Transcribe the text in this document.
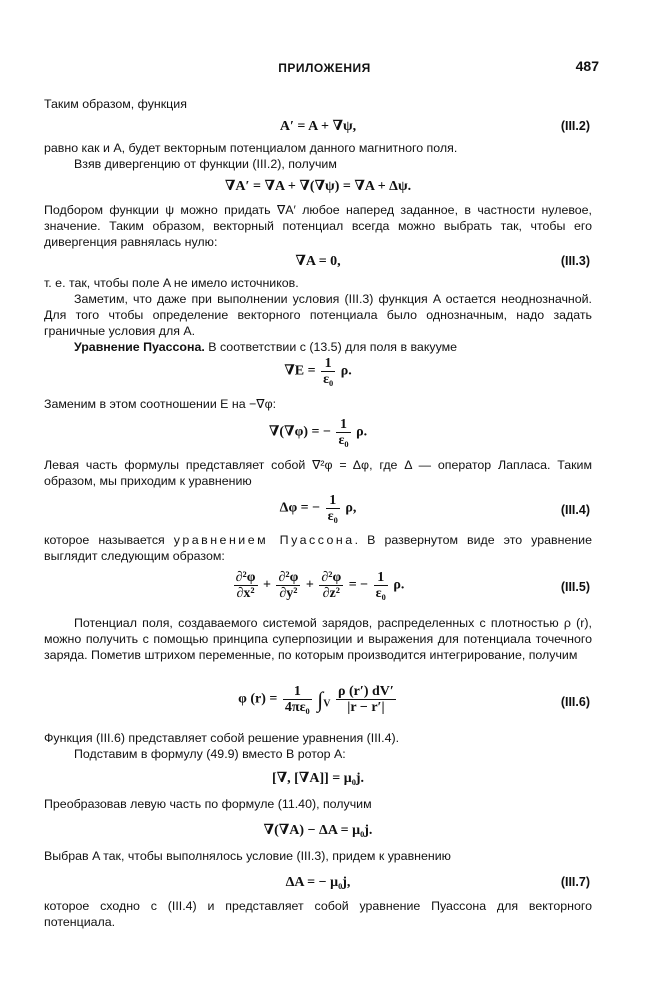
ПРИЛОЖЕНИЯ	487

Таким образом, функция

A′ = A + ∇ψ,	(III.2)

равно как и A, будет векторным потенциалом данного магнитного поля.

Взяв дивергенцию от функции (III.2), получим

∇A′ = ∇A + ∇(∇ψ) = ∇A + Δψ.

Подбором функции ψ можно придать ∇A′ любое наперед заданное, в частности нулевое, значение. Таким образом, векторный потенциал всегда можно выбрать так, чтобы его дивергенция равнялась нулю:

∇A = 0,	(III.3)

т. е. так, чтобы поле A не имело источников.

Заметим, что даже при выполнении условия (III.3) функция A остается неоднозначной. Для того чтобы определение векторного потенциала было однозначным, надо задать граничные условия для A.

Уравнение Пуассона. В соответствии с (13.5) для поля в вакууме

$\nabla E = \frac{1}{\text{ε₀}} \rho$.

Заменим в этом соотношении E на −∇φ:

∇(∇φ) = − $\frac{1}{\text{ε₀}} \rho$.

Левая часть формулы представляет собой ∇²φ = Δφ, где Δ — оператор Лапласа. Таким образом, мы приходим к уравнению

Δφ = − $\frac{1}{\text{ε₀}} \rho$,	(III.4)

которое называется уравнением Пуассона. В развернутом виде это уравнение выглядит следующим образом:

$\frac{\text{∂²φ}}{\text{∂x²}} + \frac{\text{∂²φ}}{\text{∂y²}} + \frac{\text{∂²φ}}{\text{∂z²}}$ = − $\frac{1}{\text{ε₀}} \rho$.	(III.5)

Потенциал поля, создаваемого системой зарядов, распределенных с плотностью ρ (r), можно получить с помощью принципа суперпозиции и выражения для потенциала точечного заряда. Пометив штрихом переменные, по которым производится интегрирование, получим

φ $(r) = \frac{1}{\text{4πε₀}} \int_V \frac{\rho (r') dV'}{|r - r'|}$	(III.6)

Функция (III.6) представляет собой решение уравнения (III.4).

Подставим в формулу (49.9) вместо B ротор A:

[∇, [∇A]] = μ₀j.

Преобразовав левую часть по формуле (11.40), получим

∇(∇A) − ΔA = μ₀j.

Выбрав A так, чтобы выполнялось условие (III.3), придем к уравнению

ΔA = − μ₀j,	(III.7)

которое сходно с (III.4) и представляет собой уравнение Пуассона для векторного потенциала.
